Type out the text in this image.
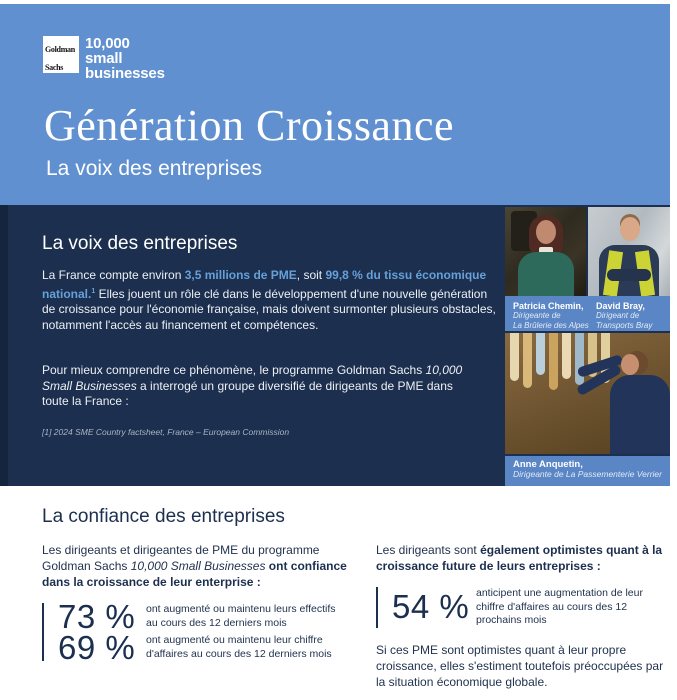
Goldman Sachs
10,000
small
businesses
Génération Croissance
La voix des entreprises
La voix des entreprises

La France compte environ 3,5 millions de PME, soit 99,8 % du tissu économique national.$^1$ Elles jouent un rôle clé dans le développement d'une nouvelle génération de croissance pour l'économie française, mais doivent surmonter plusieurs obstacles, notamment l'accès au financement et compétences.

Pour mieux comprendre ce phénomène, le programme Goldman Sachs 10,000 Small Businesses a interrogé un groupe diversifié de dirigeants de PME dans toute la France :

[1] 2024 SME Country factsheet, France – European Commission

Patricia Chemin,
Dirigeante de
La Brûlerie des Alpes
David Bray,
Dirigeant de
Transports Bray
Anne Anquetin,
Dirigeante de La Passementerie Verrier
La confiance des entreprises

Les dirigeants et dirigeantes de PME du programme Goldman Sachs 10,000 Small Businesses ont confiance dans la croissance de leur enterprise :

73 %	ont augmenté ou maintenu leurs effectifs au cours des 12 derniers mois
69 %	ont augmenté ou maintenu leur chiffre d'affaires au cours des 12 derniers mois

Les dirigeants sont également optimistes quant à la croissance future de leurs entreprises :

54 % anticipent une augmentation de leur chiffre d'affaires au cours des 12 prochains mois

Si ces PME sont optimistes quant à leur propre croissance, elles s'estiment toutefois préoccupées par la situation économique globale.
